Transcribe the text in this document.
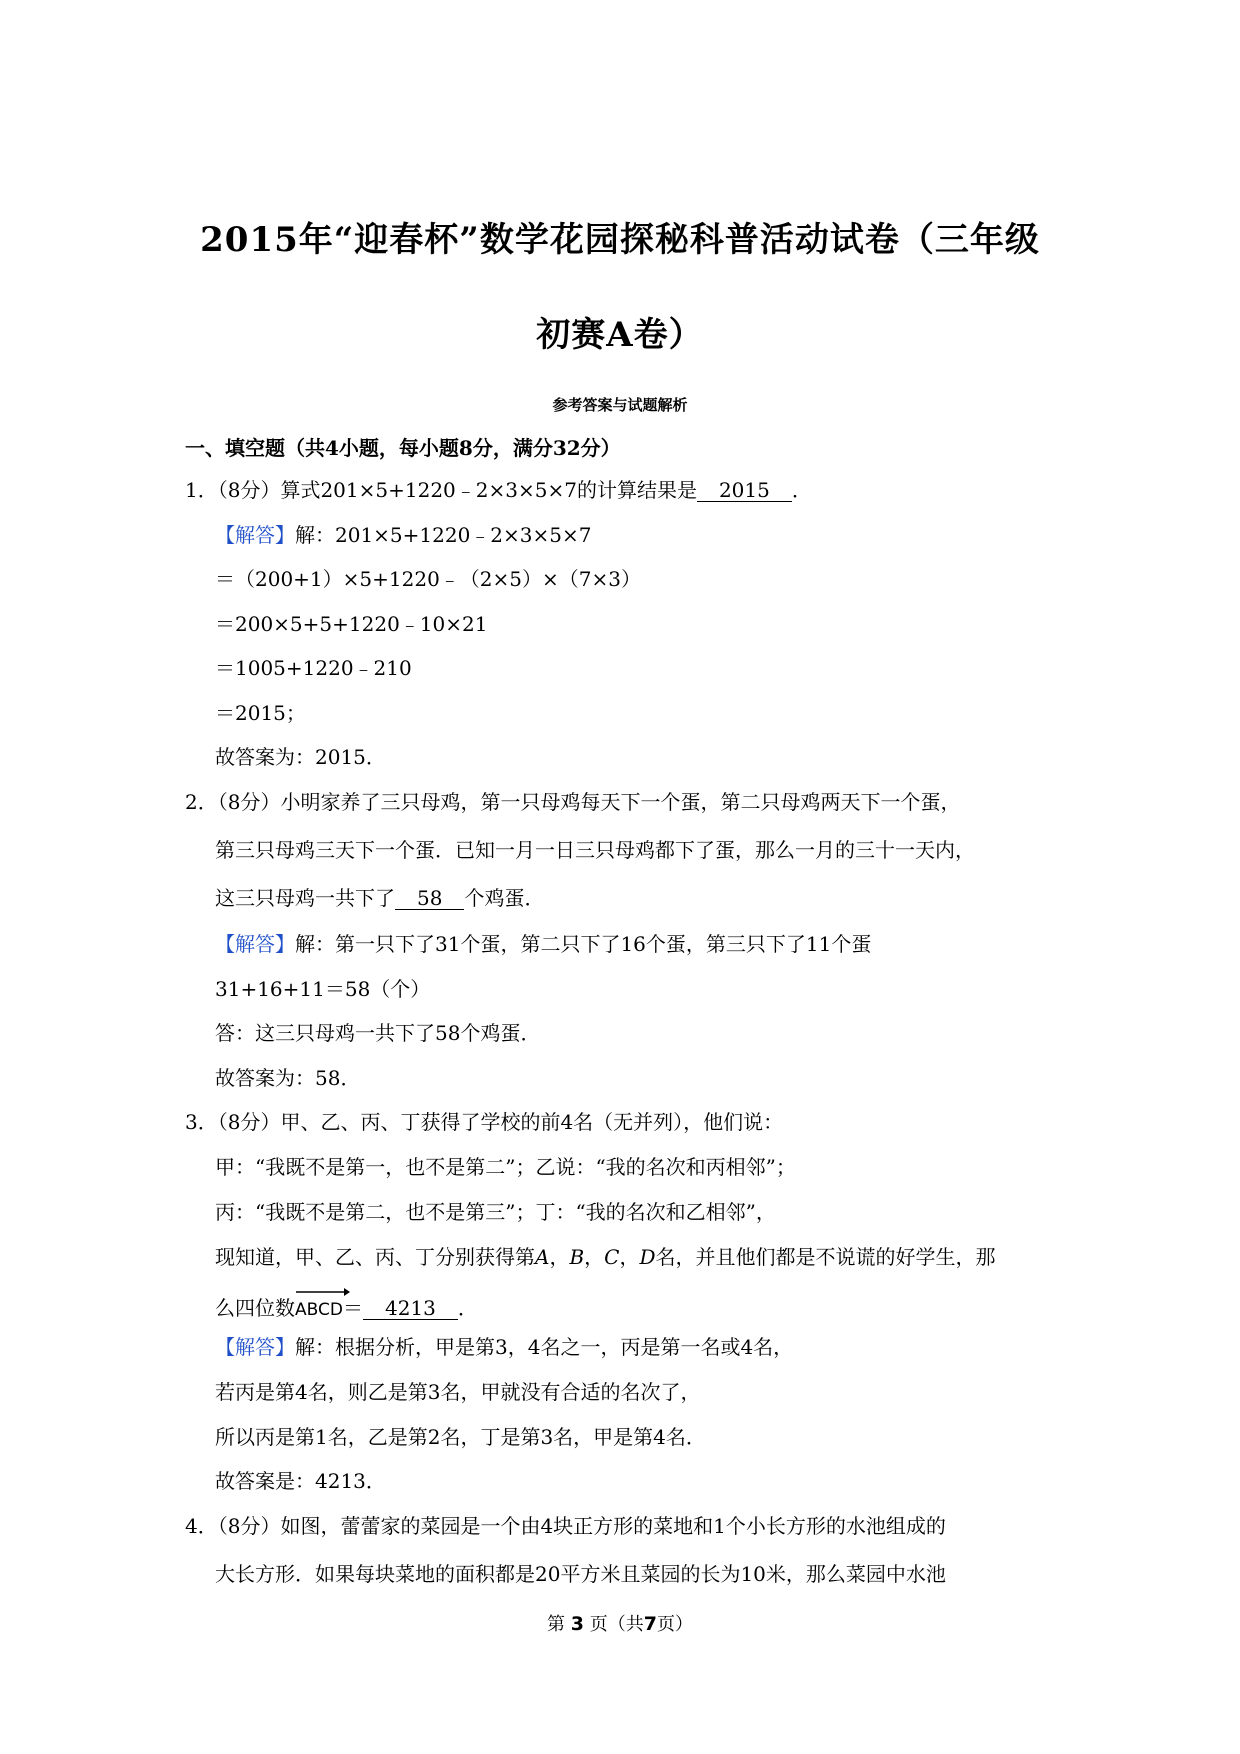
2015年“迎春杯”数学花园探秘科普活动试卷（三年级
初赛A卷）
参考答案与试题解析
一、填空题（共4小题，每小题8分，满分32分）
1．（8分）算式201×5+1220﹣2×3×5×7的计算结果是 2015 ．
【解答】解：201×5+1220﹣2×3×5×7
＝（200+1）×5+1220﹣（2×5）×（7×3）
＝200×5+5+1220﹣10×21
＝1005+1220﹣210
＝2015；
故答案为：2015．
2．（8分）小明家养了三只母鸡，第一只母鸡每天下一个蛋，第二只母鸡两天下一个蛋，
第三只母鸡三天下一个蛋．已知一月一日三只母鸡都下了蛋，那么一月的三十一天内，
这三只母鸡一共下了 58 个鸡蛋．
【解答】解：第一只下了31个蛋，第二只下了16个蛋，第三只下了11个蛋
31+16+11＝58（个）
答：这三只母鸡一共下了58个鸡蛋．
故答案为：58．
3．（8分）甲、乙、丙、丁获得了学校的前4名（无并列），他们说：
甲：“我既不是第一，也不是第二”；乙说：“我的名次和丙相邻”；
丙：“我既不是第二，也不是第三”；丁：“我的名次和乙相邻”，
现知道，甲、乙、丙、丁分别获得第A，B，C，D名，并且他们都是不说谎的好学生，那
么四位数
ABCD＝ 4213 ．
【解答】解：根据分析，甲是第3，4名之一，丙是第一名或4名，
若丙是第4名，则乙是第3名，甲就没有合适的名次了，
所以丙是第1名，乙是第2名，丁是第3名，甲是第4名．
故答案是：4213．
4．（8分）如图，蕾蕾家的菜园是一个由4块正方形的菜地和1个小长方形的水池组成的
大长方形．如果每块菜地的面积都是20平方米且菜园的长为10米，那么菜园中水池
第 3 页（共7页）
